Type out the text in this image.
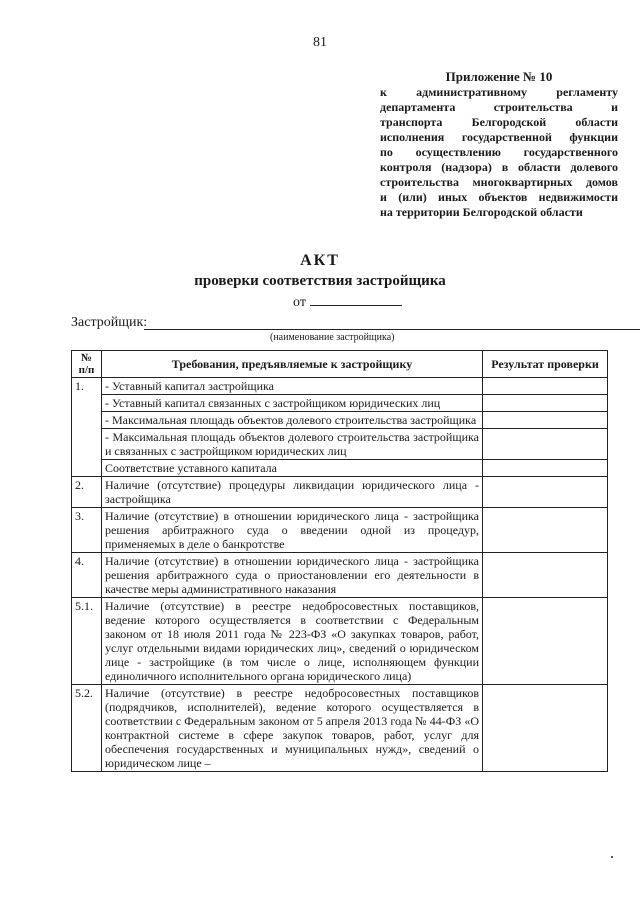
81
Приложение № 10
к административному регламенту
департамента строительства и
транспорта Белгородской области
исполнения государственной функции
по осуществлению государственного
контроля (надзора) в области долевого
строительства многоквартирных домов
и (или) иных объектов недвижимости
на территории Белгородской области
АКТ
проверки соответствия застройщика
от
Застройщик:
(наименование застройщика)
№ п/п	Требования, предъявляемые к застройщику	Результат проверки
1.	- Уставный капитал застройщика	
	- Уставный капитал связанных с застройщиком юридических лиц	
	- Максимальная площадь объектов долевого строительства застройщика	
	- Максимальная площадь объектов долевого строительства застройщика и связанных с застройщиком юридических лиц	
	Соответствие уставного капитала	
2.	Наличие (отсутствие) процедуры ликвидации юридического лица - застройщика	
3.	Наличие (отсутствие) в отношении юридического лица - застройщика решения арбитражного суда о введении одной из процедур, применяемых в деле о банкротстве	
4.	Наличие (отсутствие) в отношении юридического лица - застройщика решения арбитражного суда о приостановлении его деятельности в качестве меры административного наказания	
5.1.	Наличие (отсутствие) в реестре недобросовестных поставщиков, ведение которого осуществляется в соответствии с Федеральным законом от 18 июля 2011 года № 223-ФЗ «О закупках товаров, работ, услуг отдельными видами юридических лиц», сведений о юридическом лице - застройщике (в том числе о лице, исполняющем функции единоличного исполнительного органа юридического лица)	
5.2.	Наличие (отсутствие) в реестре недобросовестных поставщиков (подрядчиков, исполнителей), ведение которого осуществляется в соответствии с Федеральным законом от 5 апреля 2013 года № 44-ФЗ «О контрактной системе в сфере закупок товаров, работ, услуг для обеспечения государственных и муниципальных нужд», сведений о юридическом лице –	
